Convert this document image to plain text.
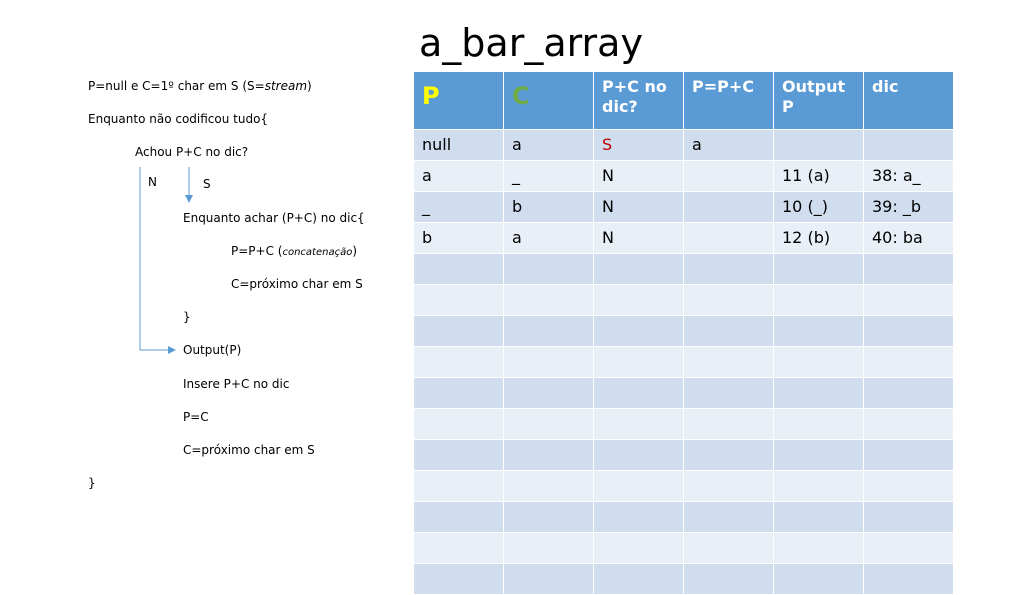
a_bar_array
P=null e C=1º char em S (S=stream)
Enquanto não codificou tudo{
Achou P+C no dic?
N	S
Enquanto achar (P+C) no dic{
P=P+C (concatenação)
C=próximo char em S
}
Output(P)
Insere P+C no dic
P=C
C=próximo char em S
}
P	C	P+C no dic?	P=P+C	Output P	dic
null	a	S	a		
a	_	N		11 (a)	38: a_
_	b	N		10 (_)	39: _b
b	a	N		12 (b)	40: ba
